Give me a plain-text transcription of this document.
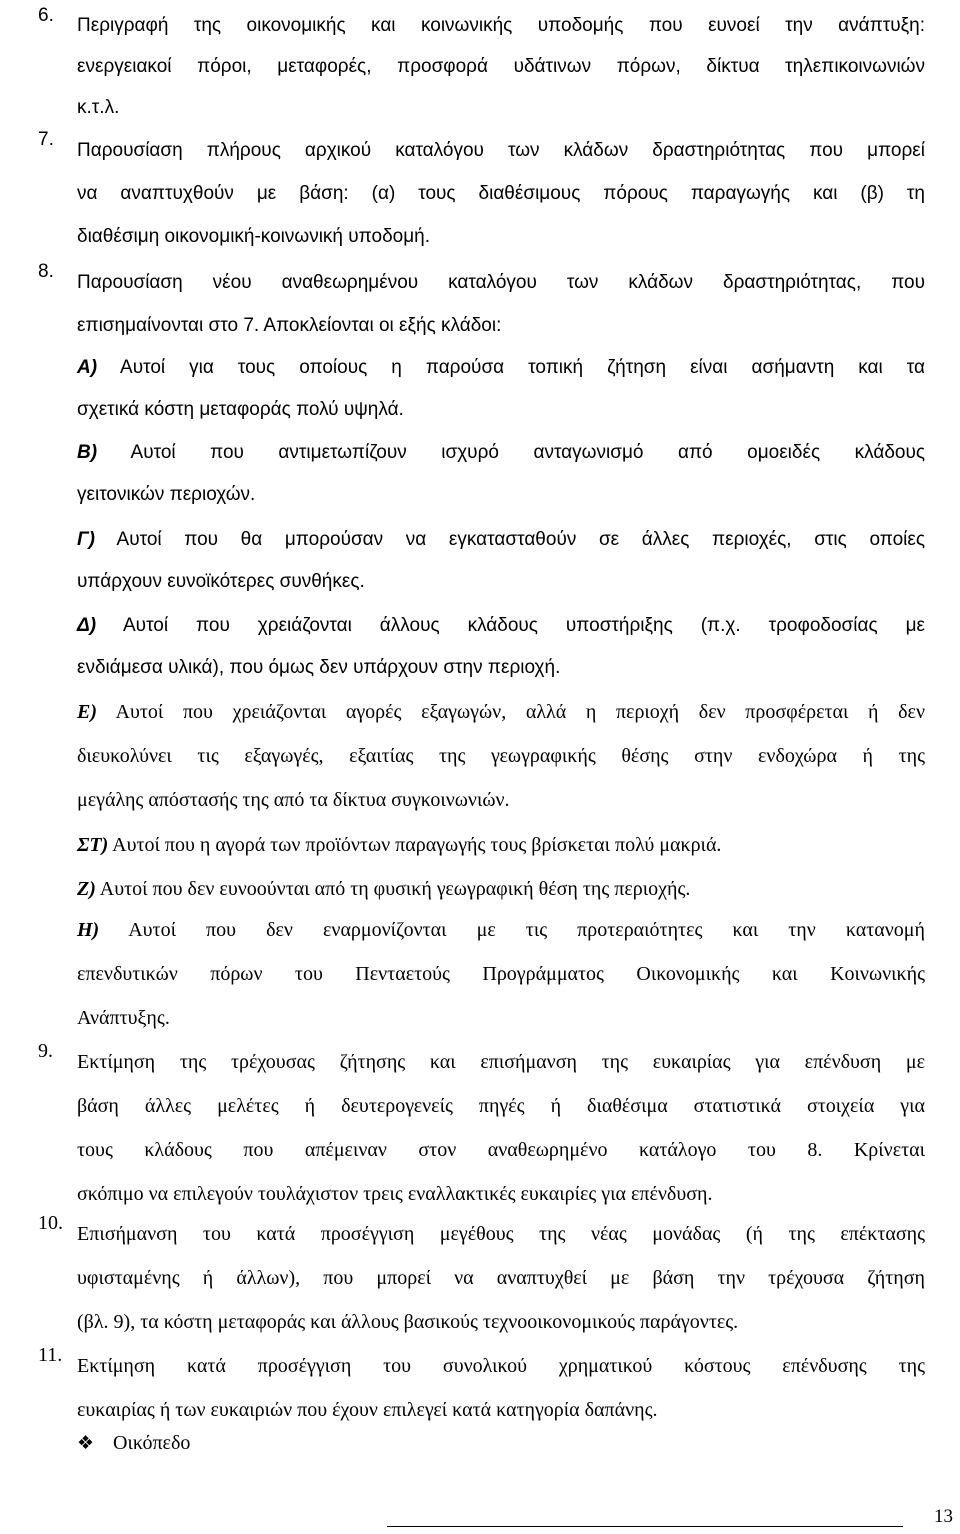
6. Περιγραφή της οικονομικής και κοινωνικής υποδομής που ευνοεί την ανάπτυξη:
ενεργειακοί πόροι, μεταφορές, προσφορά υδάτινων πόρων, δίκτυα τηλεπικοινωνιών
κ.τ.λ.
7.
Παρουσίαση πλήρους αρχικού καταλόγου των κλάδων δραστηριότητας που μπορεί
να αναπτυχθούν με βάση: (α) τους διαθέσιμους πόρους παραγωγής και (β) τη
διαθέσιμη οικονομική-κοινωνική υποδομή.
8.
Παρουσίαση νέου αναθεωρημένου καταλόγου των κλάδων δραστηριότητας, που
επισημαίνονται στο 7. Αποκλείονται οι εξής κλάδοι:
Α) Αυτοί για τους οποίους η παρούσα τοπική ζήτηση είναι ασήμαντη και τα
σχετικά κόστη μεταφοράς πολύ υψηλά.
Β) Αυτοί που αντιμετωπίζουν ισχυρό ανταγωνισμό από ομοειδές κλάδους
γειτονικών περιοχών.
Γ) Αυτοί που θα μπορούσαν να εγκατασταθούν σε άλλες περιοχές, στις οποίες
υπάρχουν ευνοϊκότερες συνθήκες.
Δ) Αυτοί που χρειάζονται άλλους κλάδους υποστήριξης (π.χ. τροφοδοσίας με
ενδιάμεσα υλικά), που όμως δεν υπάρχουν στην περιοχή.
Ε) Αυτοί που χρειάζονται αγορές εξαγωγών, αλλά η περιοχή δεν προσφέρεται ή δεν
διευκολύνει τις εξαγωγές, εξαιτίας της γεωγραφικής θέσης στην ενδοχώρα ή της
μεγάλης απόστασής της από τα δίκτυα συγκοινωνιών.
ΣΤ) Αυτοί που η αγορά των προϊόντων παραγωγής τους βρίσκεται πολύ μακριά.
Ζ) Αυτοί που δεν ευνοούνται από τη φυσική γεωγραφική θέση της περιοχής.
Η) Αυτοί που δεν εναρμονίζονται με τις προτεραιότητες και την κατανομή
επενδυτικών πόρων του Πενταετούς Προγράμματος Οικονομικής και Κοινωνικής
Ανάπτυξης.
9. Εκτίμηση της τρέχουσας ζήτησης και επισήμανση της ευκαιρίας για επένδυση με
βάση άλλες μελέτες ή δευτερογενείς πηγές ή διαθέσιμα στατιστικά στοιχεία για
τους κλάδους που απέμειναν στον αναθεωρημένο κατάλογο του 8. Κρίνεται
σκόπιμο να επιλεγούν τουλάχιστον τρεις εναλλακτικές ευκαιρίες για επένδυση.
10. Επισήμανση του κατά προσέγγιση μεγέθους της νέας μονάδας (ή της επέκτασης
υφισταμένης ή άλλων), που μπορεί να αναπτυχθεί με βάση την τρέχουσα ζήτηση
(βλ. 9), τα κόστη μεταφοράς και άλλους βασικούς τεχνοοικονομικούς παράγοντες.
11. Εκτίμηση κατά προσέγγιση του συνολικού χρηματικού κόστους επένδυσης της
ευκαιρίας ή των ευκαιριών που έχουν επιλεγεί κατά κατηγορία δαπάνης.
❖ Οικόπεδο
13
